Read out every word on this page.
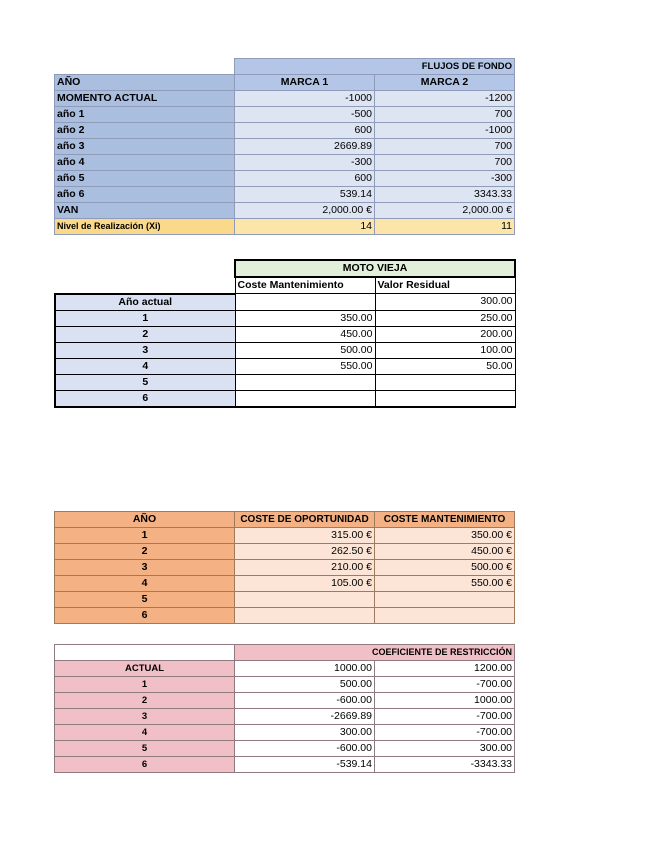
	FLUJOS DE FONDO	
AÑO	MARCA 1	MARCA 2
MOMENTO ACTUAL	-1000	-1200
año 1	-500	700
año 2	600	-1000
año 3	2669.89	700
año 4	-300	700
año 5	600	-300
año 6	539.14	3343.33
VAN	2,000.00 €	2,000.00 €
Nivel de Realización (Xi)	14	11
	MOTO VIEJA	
	Coste Mantenimiento	Valor Residual
Año actual		300.00
1	350.00	250.00
2	450.00	200.00
3	500.00	100.00
4	550.00	50.00
5		
6		
AÑO	COSTE DE OPORTUNIDAD	COSTE MANTENIMIENTO
1	315.00 €	350.00 €
2	262.50 €	450.00 €
3	210.00 €	500.00 €
4	105.00 €	550.00 €
5		
6		
	COEFICIENTE DE RESTRICCIÓN	
ACTUAL	1000.00	1200.00
1	500.00	-700.00
2	-600.00	1000.00
3	-2669.89	-700.00
4	300.00	-700.00
5	-600.00	300.00
6	-539.14	-3343.33
